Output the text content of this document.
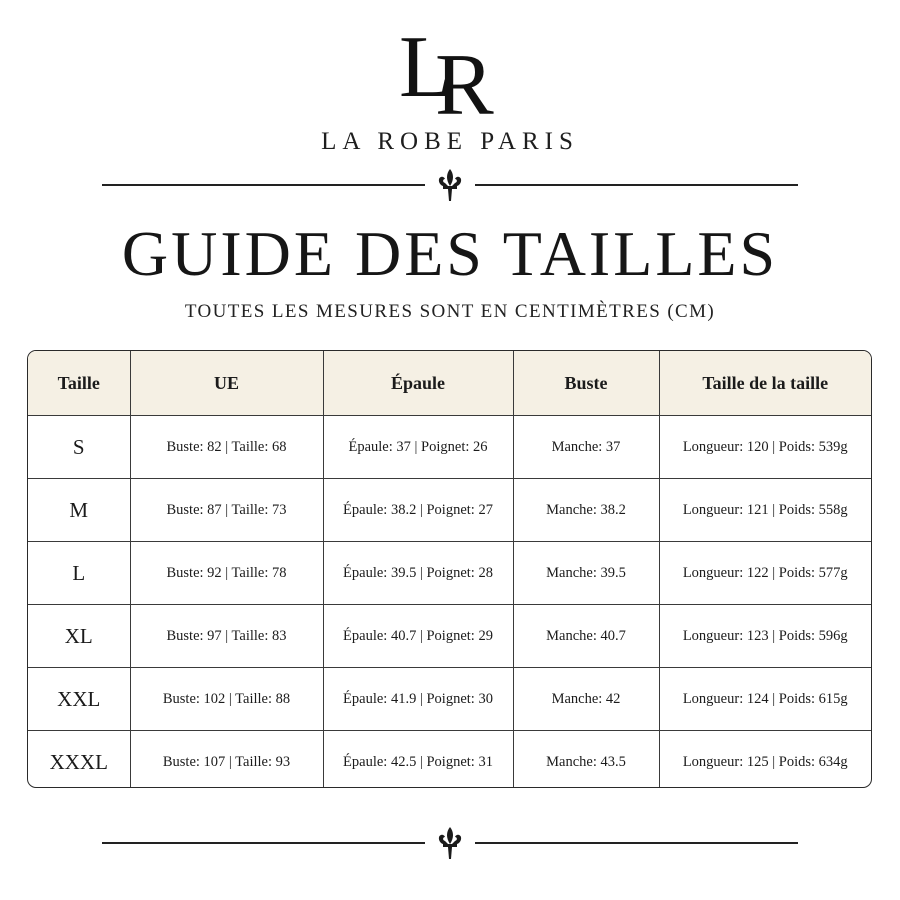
L
R
LA ROBE PARIS
GUIDE DES TAILLES
TOUTES LES MESURES SONT EN CENTIMÈTRES (CM)
Taille	UE	Épaule	Buste	Taille de la taille
S	Buste: 82 | Taille: 68	Épaule: 37 | Poignet: 26	Manche: 37	Longueur: 120 | Poids: 539g
M	Buste: 87 | Taille: 73	Épaule: 38.2 | Poignet: 27	Manche: 38.2	Longueur: 121 | Poids: 558g
L	Buste: 92 | Taille: 78	Épaule: 39.5 | Poignet: 28	Manche: 39.5	Longueur: 122 | Poids: 577g
XL	Buste: 97 | Taille: 83	Épaule: 40.7 | Poignet: 29	Manche: 40.7	Longueur: 123 | Poids: 596g
XXL	Buste: 102 | Taille: 88	Épaule: 41.9 | Poignet: 30	Manche: 42	Longueur: 124 | Poids: 615g
XXXL	Buste: 107 | Taille: 93	Épaule: 42.5 | Poignet: 31	Manche: 43.5	Longueur: 125 | Poids: 634g
